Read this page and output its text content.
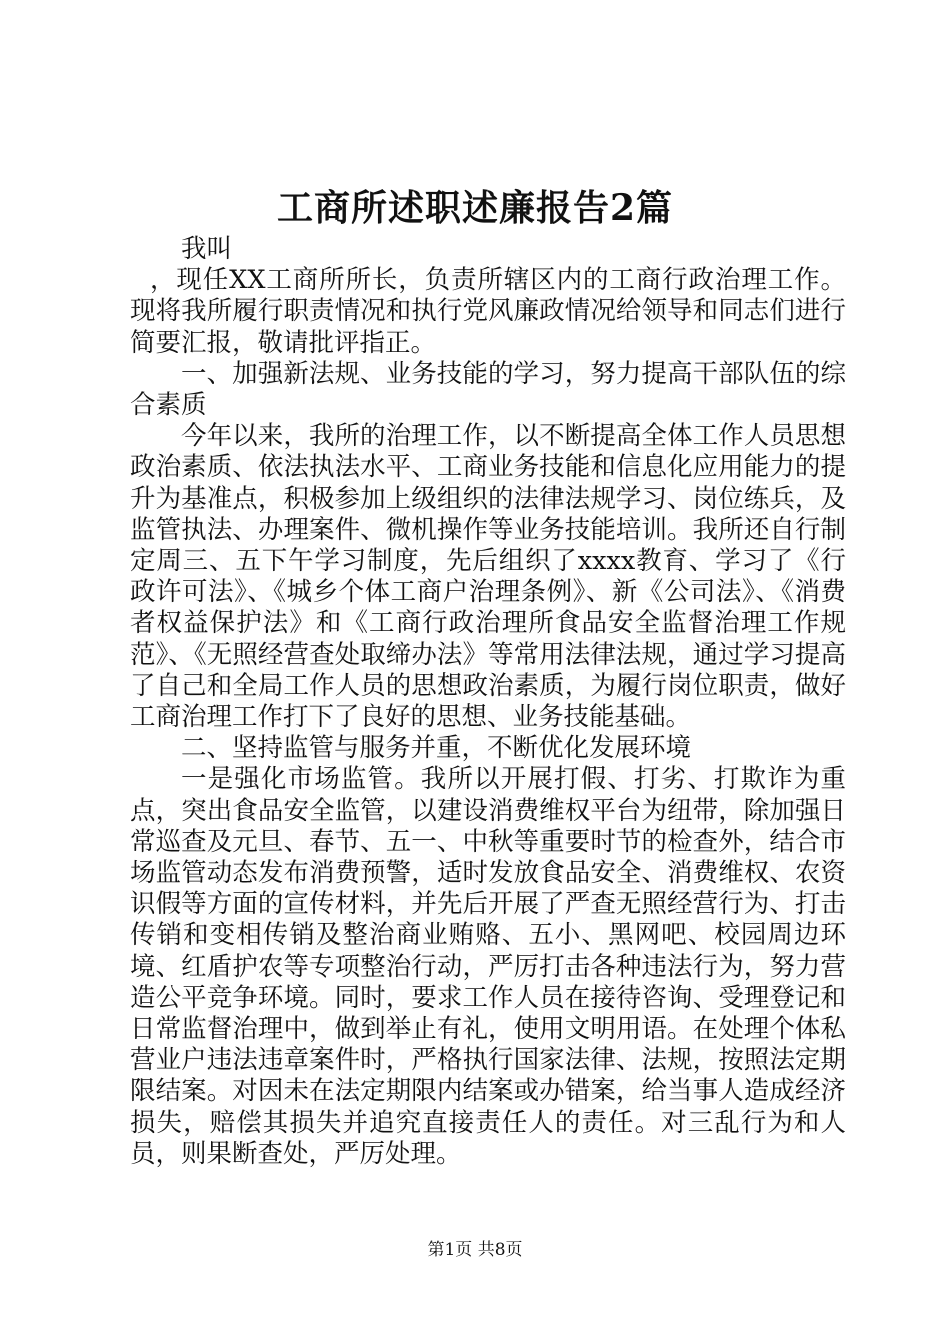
工商所述职述廉报告2篇

我叫

，现任XX工商所所长，负责所辖区内的工商行政治理工作。现将我所履行职责情况和执行党风廉政情况给领导和同志们进行简要汇报，敬请批评指正。

一、加强新法规、业务技能的学习，努力提高干部队伍的综合素质

今年以来，我所的治理工作，以不断提高全体工作人员思想政治素质、依法执法水平、工商业务技能和信息化应用能力的提升为基准点，积极参加上级组织的法律法规学习、岗位练兵，及监管执法、办理案件、微机操作等业务技能培训。我所还自行制定周三、五下午学习制度，先后组织了xxxx教育、学习了《行政许可法》、《城乡个体工商户治理条例》、新《公司法》、《消费者权益保护法》和《工商行政治理所食品安全监督治理工作规范》、《无照经营查处取缔办法》等常用法律法规，通过学习提高了自己和全局工作人员的思想政治素质，为履行岗位职责，做好工商治理工作打下了良好的思想、业务技能基础。

二、坚持监管与服务并重，不断优化发展环境

一是强化市场监管。我所以开展打假、打劣、打欺诈为重点，突出食品安全监管，以建设消费维权平台为纽带，除加强日常巡查及元旦、春节、五一、中秋等重要时节的检查外，结合市场监管动态发布消费预警，适时发放食品安全、消费维权、农资识假等方面的宣传材料，并先后开展了严查无照经营行为、打击传销和变相传销及整治商业贿赂、五小、黑网吧、校园周边环境、红盾护农等专项整治行动，严厉打击各种违法行为，努力营造公平竞争环境。同时，要求工作人员在接待咨询、受理登记和日常监督治理中，做到举止有礼，使用文明用语。在处理个体私营业户违法违章案件时，严格执行国家法律、法规，按照法定期限结案。对因未在法定期限内结案或办错案，给当事人造成经济损失，赔偿其损失并追究直接责任人的责任。对三乱行为和人员，则果断查处，严厉处理。

第1页 共8页
